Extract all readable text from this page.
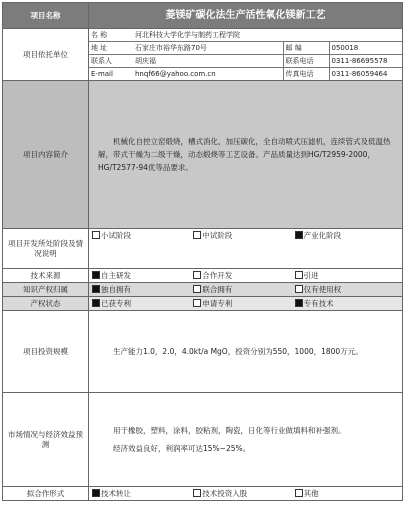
项目名称	菱镁矿碳化法生产活性氧化镁新工艺
项目依托单位	
名 称	河北科技大学化学与制药工程学院
地 址	石家庄市裕华东路70号	邮 编	050018
联系人	胡庆福	联系电话	0311-86695578
E-mail	hnqf66@yahoo.com.cn	传真电话	0311-86059464

项目内容简介	
机械化自控立窑煅烧，槽式消化，加压碳化，全自动喷式压滤机，连续管式及低温热解，带式干燥为二级干燥，动态煅烧等工艺设备。产品质量达到HG/T2959-2000，HG/T2577-94优等品要求。

项目开发所处阶段及情况说明	小试阶段	中试阶段	产业化阶段
技术来源	自主研发	合作开发	引进
知识产权归属	独自拥有	联合拥有	仅有使用权
产权状态	已获专利	申请专利	专有技术
项目投资规模	生产能力1.0，2.0，4.0kt/a MgO，投资分别为550，1000，1800万元。

市场情况与经济效益预测	
用于橡胶，塑料，涂料，胶粘剂，陶瓷，日化等行业做填料和补强剂。
经济效益良好，利润率可达15%~25%。

拟合作形式	技术转让	技术投资入股	其他
